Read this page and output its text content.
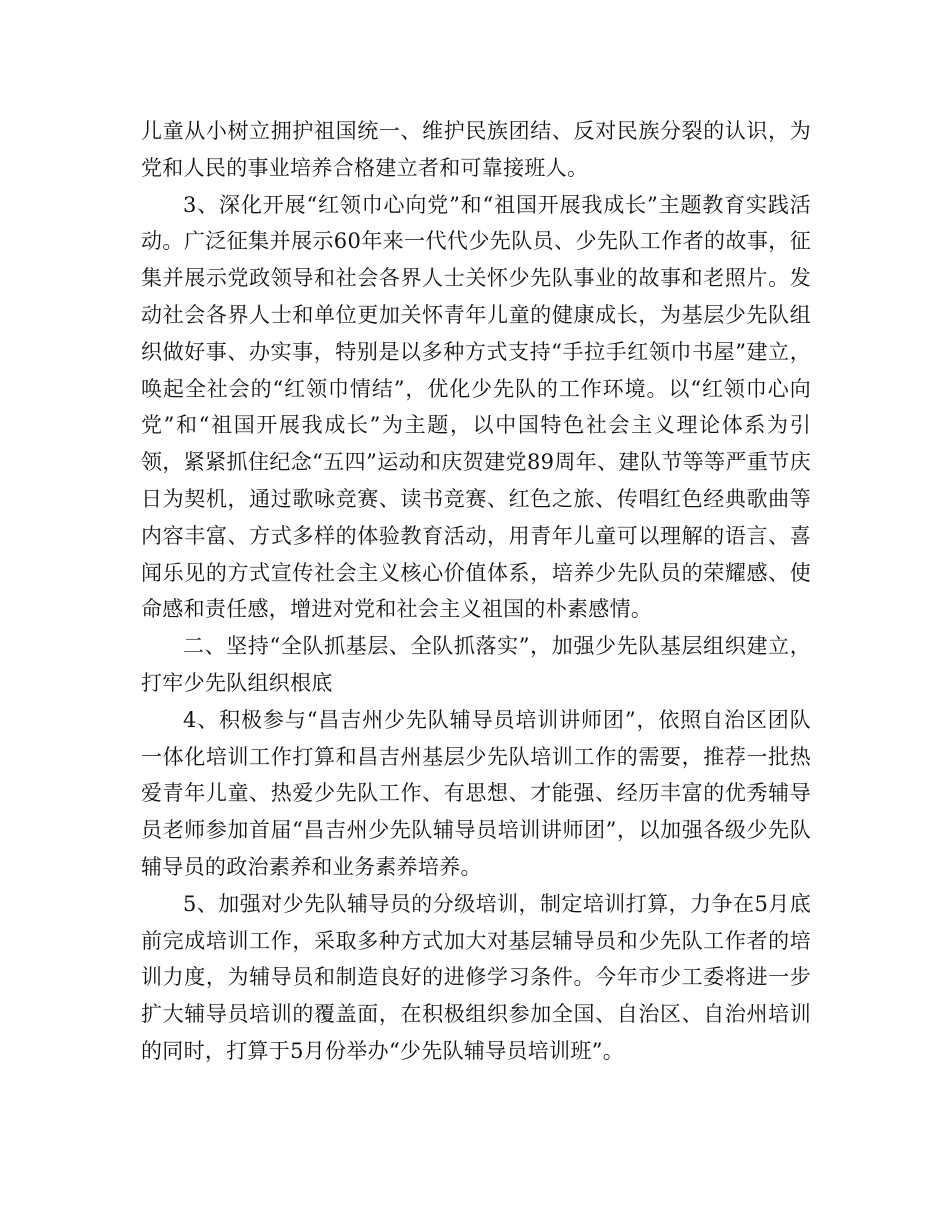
儿童从小树立拥护祖国统一、维护民族团结、反对民族分裂的认识，为党和人民的事业培养合格建立者和可靠接班人。

3、深化开展“红领巾心向党”和“祖国开展我成长”主题教育实践活动。广泛征集并展示60年来一代代少先队员、少先队工作者的故事，征集并展示党政领导和社会各界人士关怀少先队事业的故事和老照片。发动社会各界人士和单位更加关怀青年儿童的健康成长，为基层少先队组织做好事、办实事，特别是以多种方式支持“手拉手红领巾书屋”建立，唤起全社会的“红领巾情结”，优化少先队的工作环境。以“红领巾心向党”和“祖国开展我成长”为主题，以中国特色社会主义理论体系为引领，紧紧抓住纪念“五四”运动和庆贺建党89周年、建队节等等严重节庆日为契机，通过歌咏竞赛、读书竞赛、红色之旅、传唱红色经典歌曲等内容丰富、方式多样的体验教育活动，用青年儿童可以理解的语言、喜闻乐见的方式宣传社会主义核心价值体系，培养少先队员的荣耀感、使命感和责任感，增进对党和社会主义祖国的朴素感情。

二、坚持“全队抓基层、全队抓落实”，加强少先队基层组织建立，打牢少先队组织根底

4、积极参与“昌吉州少先队辅导员培训讲师团”，依照自治区团队一体化培训工作打算和昌吉州基层少先队培训工作的需要，推荐一批热爱青年儿童、热爱少先队工作、有思想、才能强、经历丰富的优秀辅导员老师参加首届“昌吉州少先队辅导员培训讲师团”，以加强各级少先队辅导员的政治素养和业务素养培养。

5、加强对少先队辅导员的分级培训，制定培训打算，力争在5月底前完成培训工作，采取多种方式加大对基层辅导员和少先队工作者的培训力度，为辅导员和制造良好的进修学习条件。今年市少工委将进一步扩大辅导员培训的覆盖面，在积极组织参加全国、自治区、自治州培训的同时，打算于5月份举办“少先队辅导员培训班”。
